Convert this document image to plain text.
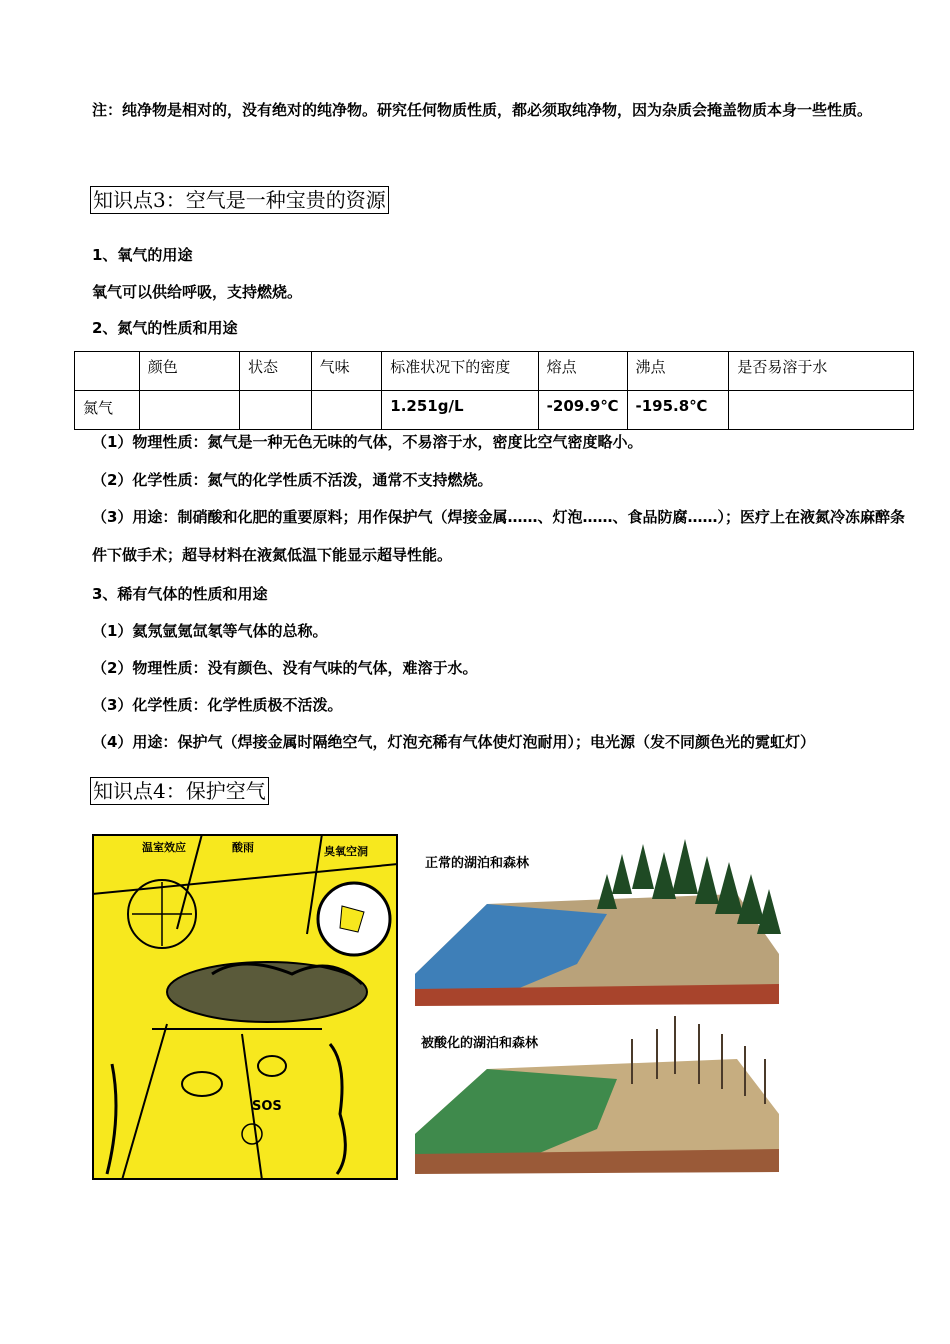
注：纯净物是相对的，没有绝对的纯净物。研究任何物质性质，都必须取纯净物，因为杂质会掩盖物质本身一些性质。
知识点3：空气是一种宝贵的资源
1、氧气的用途
氧气可以供给呼吸，支持燃烧。
2、氮气的性质和用途
	颜色	状态	气味	标准状况下的密度	熔点	沸点	是否易溶于水
氮气				1.251g/L	-209.9℃	-195.8℃	
（1）物理性质：氮气是一种无色无味的气体，不易溶于水，密度比空气密度略小。
（2）化学性质：氮气的化学性质不活泼，通常不支持燃烧。
（3）用途：制硝酸和化肥的重要原料；用作保护气（焊接金属……、灯泡……、食品防腐……）；医疗上在液氮冷冻麻醉条件下做手术；超导材料在液氮低温下能显示超导性能。
3、稀有气体的性质和用途
（1）氦氖氩氪氙氡等气体的总称。
（2）物理性质：没有颜色、没有气味的气体，难溶于水。
（3）化学性质：化学性质极不活泼。
（4）用途：保护气（焊接金属时隔绝空气，灯泡充稀有气体使灯泡耐用）；电光源（发不同颜色光的霓虹灯）
知识点4：保护空气
温室效应	酸雨	臭氧空洞
SOS
正常的湖泊和森林
被酸化的湖泊和森林
